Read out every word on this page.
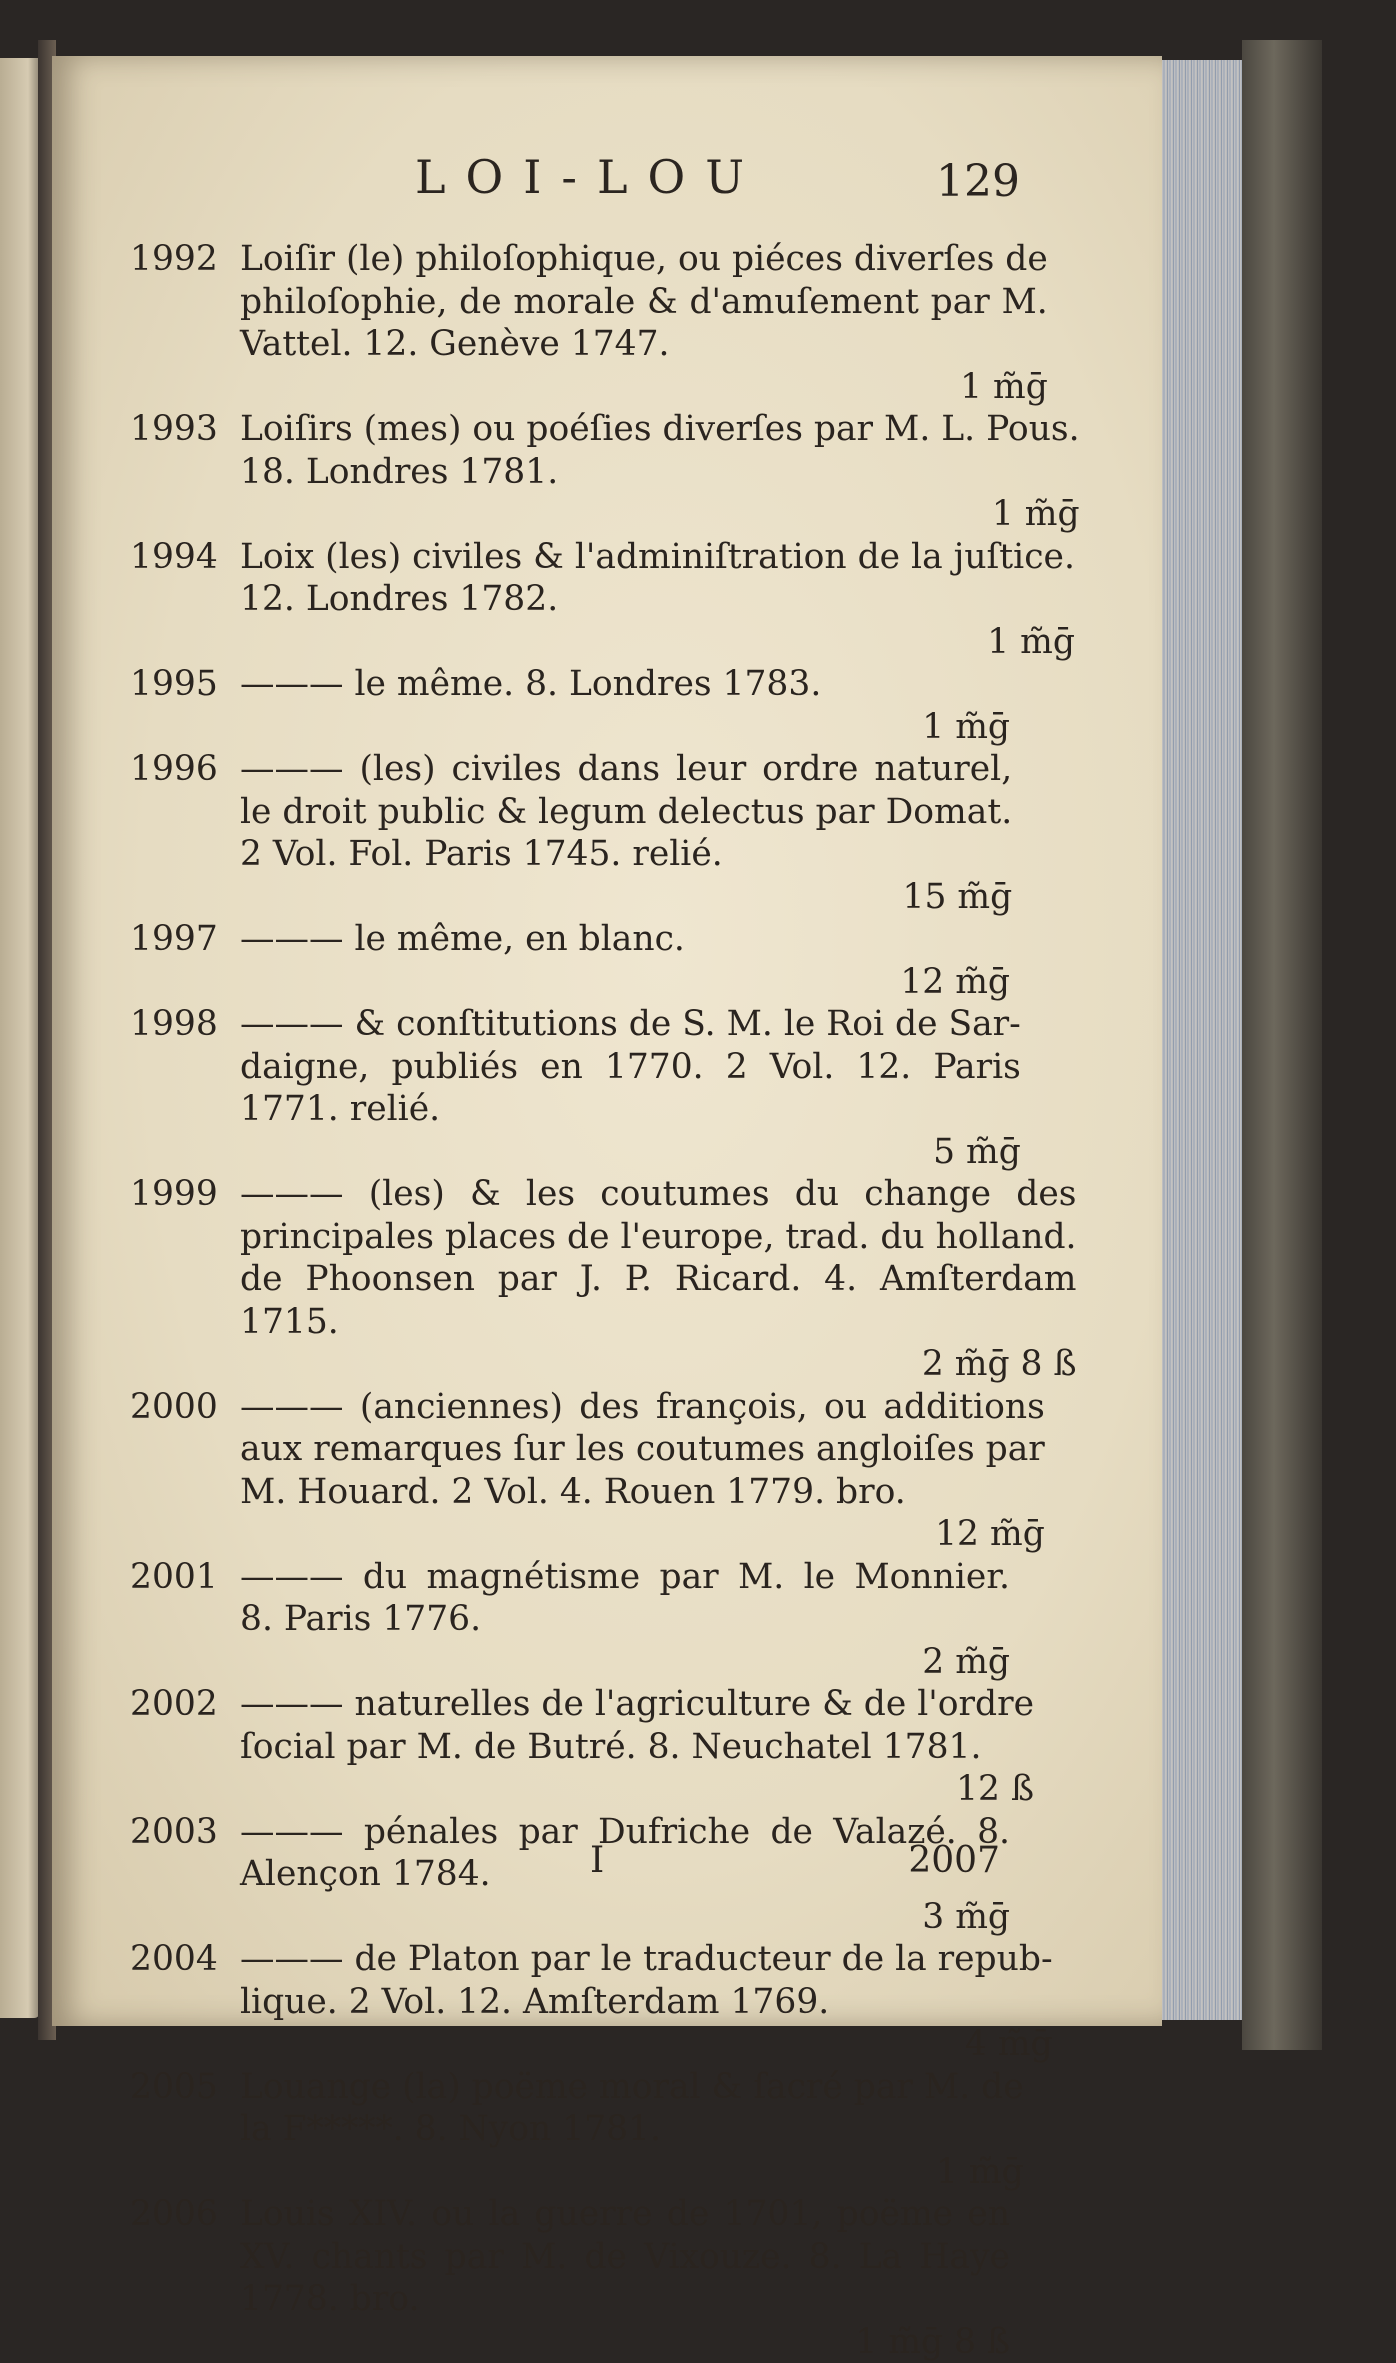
LOI-LOU	129
1992 Loiſir (le) philoſophique, ou piéces diverſes de
philoſophie, de morale & d'amuſement par M.
Vattel. 12. Genève 1747.
1 m̃ḡ
1993 Loiſirs (mes) ou poéſies diverſes par M. L. Pous.
18. Londres 1781.
1 m̃ḡ
1994 Loix (les) civiles & l'adminiſtration de la juſtice.
12. Londres 1782.
1 m̃ḡ
1995 ——— le même. 8. Londres 1783.
1 m̃ḡ
1996 ——— (les) civiles dans leur ordre naturel,
le droit public & legum delectus par Domat.
2 Vol. Fol. Paris 1745. relié.
15 m̃ḡ
1997 ——— le même, en blanc.
12 m̃ḡ
1998 ——— & conſtitutions de S. M. le Roi de Sar-
daigne, publiés en 1770. 2 Vol. 12. Paris
1771. relié.
5 m̃ḡ
1999 ——— (les) & les coutumes du change des
principales places de l'europe, trad. du holland.
de Phoonsen par J. P. Ricard. 4. Amſterdam
1715.
2 m̃ḡ 8 ß
2000 ——— (anciennes) des françois, ou additions
aux remarques ſur les coutumes angloiſes par
M. Houard. 2 Vol. 4. Rouen 1779. bro.
12 m̃ḡ
2001 ——— du magnétisme par M. le Monnier.
8. Paris 1776.
2 m̃ḡ
2002 ——— naturelles de l'agriculture & de l'ordre
ſocial par M. de Butré. 8. Neuchatel 1781.
12 ß
2003 ——— pénales par Dufriche de Valazé. 8.
Alençon 1784.
3 m̃ḡ
2004 ——— de Platon par le traducteur de la repub-
lique. 2 Vol. 12. Amſterdam 1769.
4 m̃ḡ
2005 Louange (la) poëme moral & ſacré par M. de
la F*****. 8. Nyon 1781.
1 m̃ḡ
2006 Louis XIV. ou la guerre de 1701, poëme en
XV. chants par M. de Vixouze. 8. La Haye
1778. bro.
1 m̃ḡ 8 ß
I	2007
